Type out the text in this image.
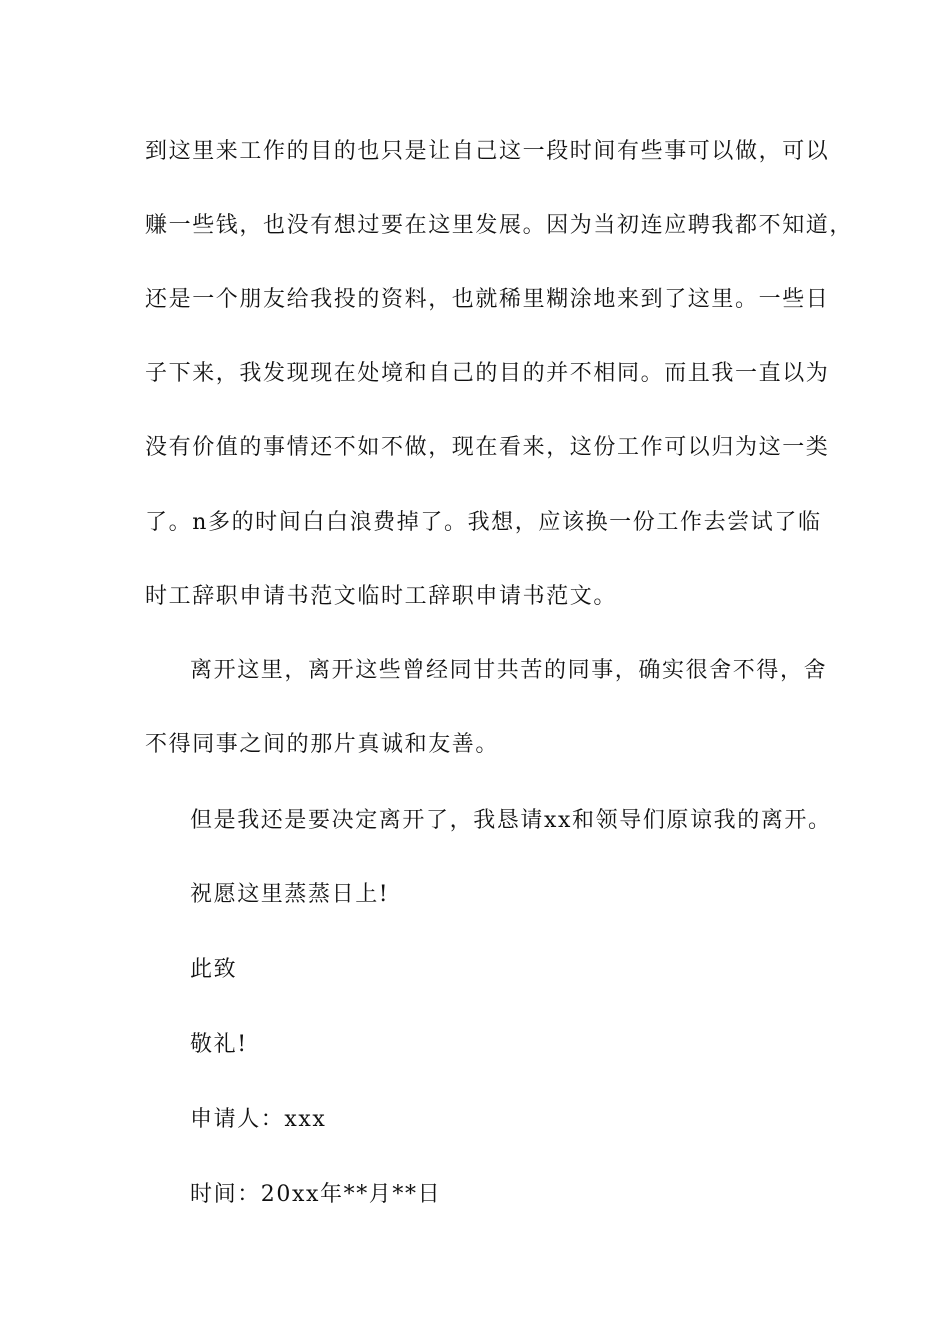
到这里来工作的目的也只是让自己这一段时间有些事可以做，可以
赚一些钱，也没有想过要在这里发展。因为当初连应聘我都不知道，
还是一个朋友给我投的资料，也就稀里糊涂地来到了这里。一些日
子下来，我发现现在处境和自己的目的并不相同。而且我一直以为
没有价值的事情还不如不做，现在看来，这份工作可以归为这一类
了。n多的时间白白浪费掉了。我想，应该换一份工作去尝试了临
时工辞职申请书范文临时工辞职申请书范文。
离开这里，离开这些曾经同甘共苦的同事，确实很舍不得，舍
不得同事之间的那片真诚和友善。
但是我还是要决定离开了，我恳请xx和领导们原谅我的离开。
祝愿这里蒸蒸日上!
此致
敬礼!
申请人：xxx
时间：20xx年**月**日
